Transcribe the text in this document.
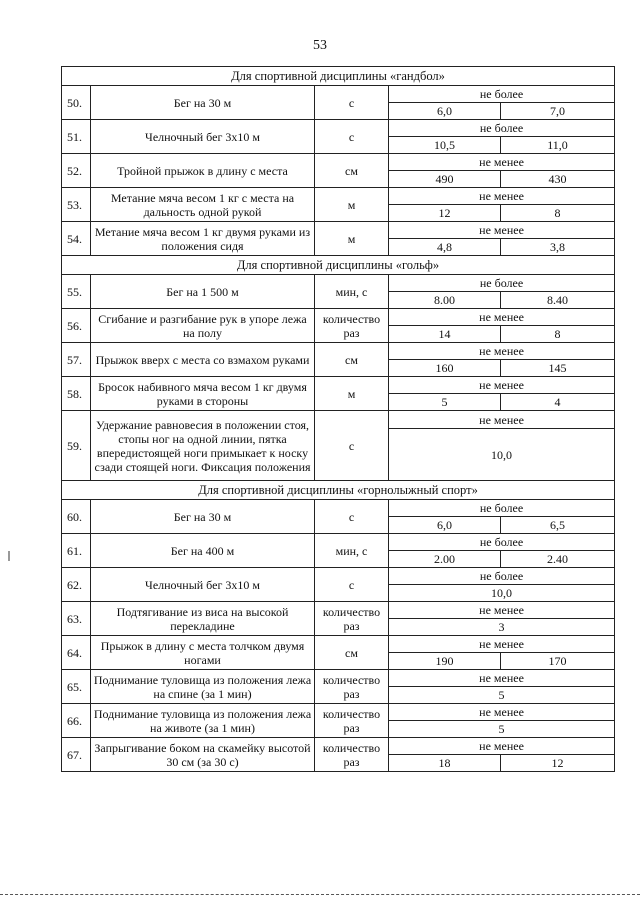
53
Для спортивной дисциплины «гандбол»				
50.	Бег на 30 м	с	не более	
			6,0	7,0
51.	Челночный бег 3х10 м	с	не более	
			10,5	11,0
52.	Тройной прыжок в длину с места	см	не менее	
			490	430
53.	Метание мяча весом 1 кг с места на дальность одной рукой	м	не менее	
			12	8
54.	Метание мяча весом 1 кг двумя руками из положения сидя	м	не менее	
			4,8	3,8
Для спортивной дисциплины «гольф»				
55.	Бег на 1 500 м	мин, с	не более	
			8.00	8.40
56.	Сгибание и разгибание рук в упоре лежа на полу	количество раз	не менее	
			14	8
57.	Прыжок вверх с места со взмахом руками	см	не менее	
			160	145
58.	Бросок набивного мяча весом 1 кг двумя руками в стороны	м	не менее	
			5	4
59.	Удержание равновесия в положении стоя, стопы ног на одной линии, пятка впередистоящей ноги примыкает к носку сзади стоящей ноги. Фиксация положения	с	не менее	
			10,0	
Для спортивной дисциплины «горнолыжный спорт»				
60.	Бег на 30 м	с	не более	
			6,0	6,5
61.	Бег на 400 м	мин, с	не более	
			2.00	2.40
62.	Челночный бег 3х10 м	с	не более	
			10,0	
63.	Подтягивание из виса на высокой перекладине	количество раз	не менее	
			3	
64.	Прыжок в длину с места толчком двумя ногами	см	не менее	
			190	170
65.	Поднимание туловища из положения лежа на спине (за 1 мин)	количество раз	не менее	
			5	
66.	Поднимание туловища из положения лежа на животе (за 1 мин)	количество раз	не менее	
			5	
67.	Запрыгивание боком на скамейку высотой 30 см (за 30 с)	количество раз	не менее	
			18	12
